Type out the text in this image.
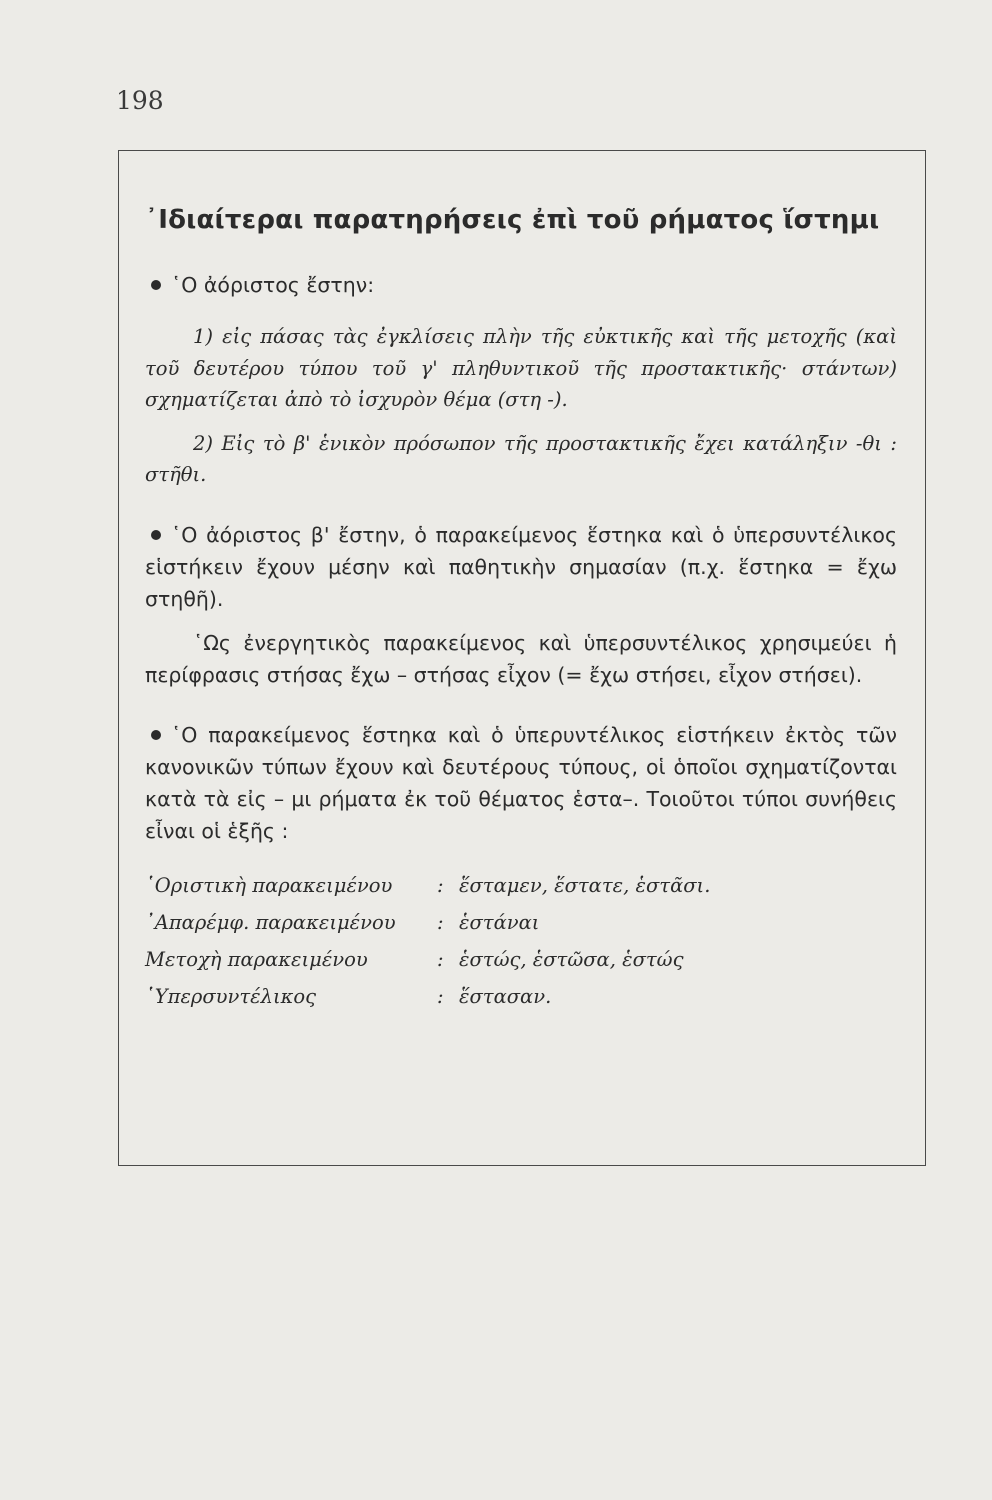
198
᾿Ιδιαίτεραι παρατηρήσεις ἐπὶ τοῦ ρήματος ἵστημι

῾Ο ἀόριστος ἔστην:

1) εἰς πάσας τὰς ἐγκλίσεις πλὴν τῆς εὐκτικῆς καὶ τῆς μετοχῆς (καὶ τοῦ δευτέρου τύπου τοῦ γ' πληθυντικοῦ τῆς προστακτικῆς· στάντων) σχηματίζεται ἀπὸ τὸ ἰσχυρὸν θέμα (στη -).

2) Εἰς τὸ β' ἑνικὸν πρόσωπον τῆς προστακτικῆς ἔχει κατάληξιν -θι : στῆθι.

῾Ο ἀόριστος β' ἔστην, ὁ παρακείμενος ἕστηκα καὶ ὁ ὑπερσυντέλικος εἱστήκειν ἔχουν μέσην καὶ παθητικὴν σημασίαν (π.χ. ἕστηκα = ἔχω στηθῆ).

῾Ως ἐνεργητικὸς παρακείμενος καὶ ὑπερσυντέλικος χρησιμεύει ἡ περίφρασις στήσας ἔχω – στήσας εἶχον (= ἔχω στήσει, εἶχον στήσει).

῾Ο παρακείμενος ἕστηκα καὶ ὁ ὑπερυντέλικος εἱστήκειν ἐκτὸς τῶν κανονικῶν τύπων ἔχουν καὶ δευτέρους τύπους, οἱ ὁποῖοι σχηματίζονται κατὰ τὰ εἰς – μι ρήματα ἐκ τοῦ θέματος ἑστα–. Τοιοῦτοι τύποι συνήθεις εἶναι οἱ ἑξῆς :

῾Οριστικὴ παρακειμένου	:	ἕσταμεν, ἕστατε, ἑστᾶσι.
᾿Απαρέμφ. παρακειμένου	:	ἑστάναι
Μετοχὴ παρακειμένου	:	ἑστώς, ἑστῶσα, ἑστώς
῾Υπερσυντέλικος	:	ἕστασαν.
